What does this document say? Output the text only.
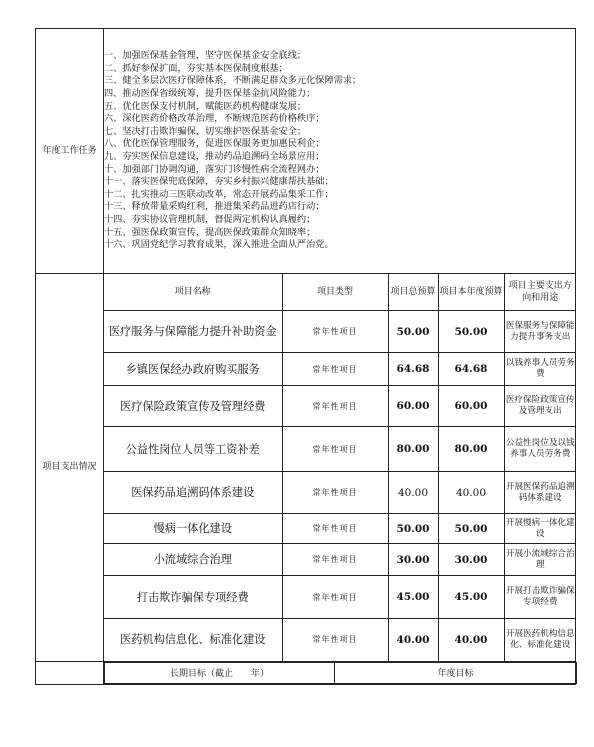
年度工作任务	
一、加强医保基金管理，坚守医保基金安全底线；
二、抓好参保扩面，夯实基本医保制度根基；
三、健全多层次医疗保障体系，不断满足群众多元化保障需求；
四、推动医保省级统筹，提升医保基金抗风险能力；
五、优化医保支付机制，赋能医药机构健康发展；
六、深化医药价格改革治理，不断规范医药价格秩序；
七、坚决打击欺诈骗保，切实维护医保基金安全；
八、优化医保管理服务，促进医保服务更加惠民利企；
九、夯实医保信息建设，推动药品追溯码全场景应用；
十、加强部门协调沟通，落实门诊慢性病全流程网办；
十一、落实医保兜底保障，夯实乡村振兴健康帮扶基础；
十二、扎实推动三医联动改革，常态开展药品集采工作；
十三、释放带量采购红利，推进集采药品进药店行动；
十四、夯实协议管理机制，督促两定机构认真履约；
十五、强医保政策宣传，提高医保政策群众知晓率；
十六、巩固党纪学习教育成果，深入推进全面从严治党。

项目支出情况	
项目名称	项目类型	项目总预算	项目本年度预算	项目主要支出方向和用途
医疗服务与保障能力提升补助资金	常年性项目	50.00	50.00	医保服务与保障能力提升事务支出
乡镇医保经办政府购买服务	常年性项目	64.68	64.68	以钱养事人员劳务费
医疗保险政策宣传及管理经费	常年性项目	60.00	60.00	医疗保险政策宣传及管理支出
公益性岗位人员等工资补差	常年性项目	80.00	80.00	公益性岗位及以钱养事人员劳务费
医保药品追溯码体系建设	常年性项目	40.00	40.00	开展医保药品追溯码体系建设
慢病一体化建设	常年性项目	50.00	50.00	开展慢病一体化建设
小流域综合治理	常年性项目	30.00	30.00	开展小流域综合治理
打击欺诈骗保专项经费	常年性项目	45.00	45.00	开展打击欺诈骗保专项经费
医药机构信息化、标准化建设	常年性项目	40.00	40.00	开展医药机构信息化、标准化建设

长期目标（截止　　年）	年度目标
